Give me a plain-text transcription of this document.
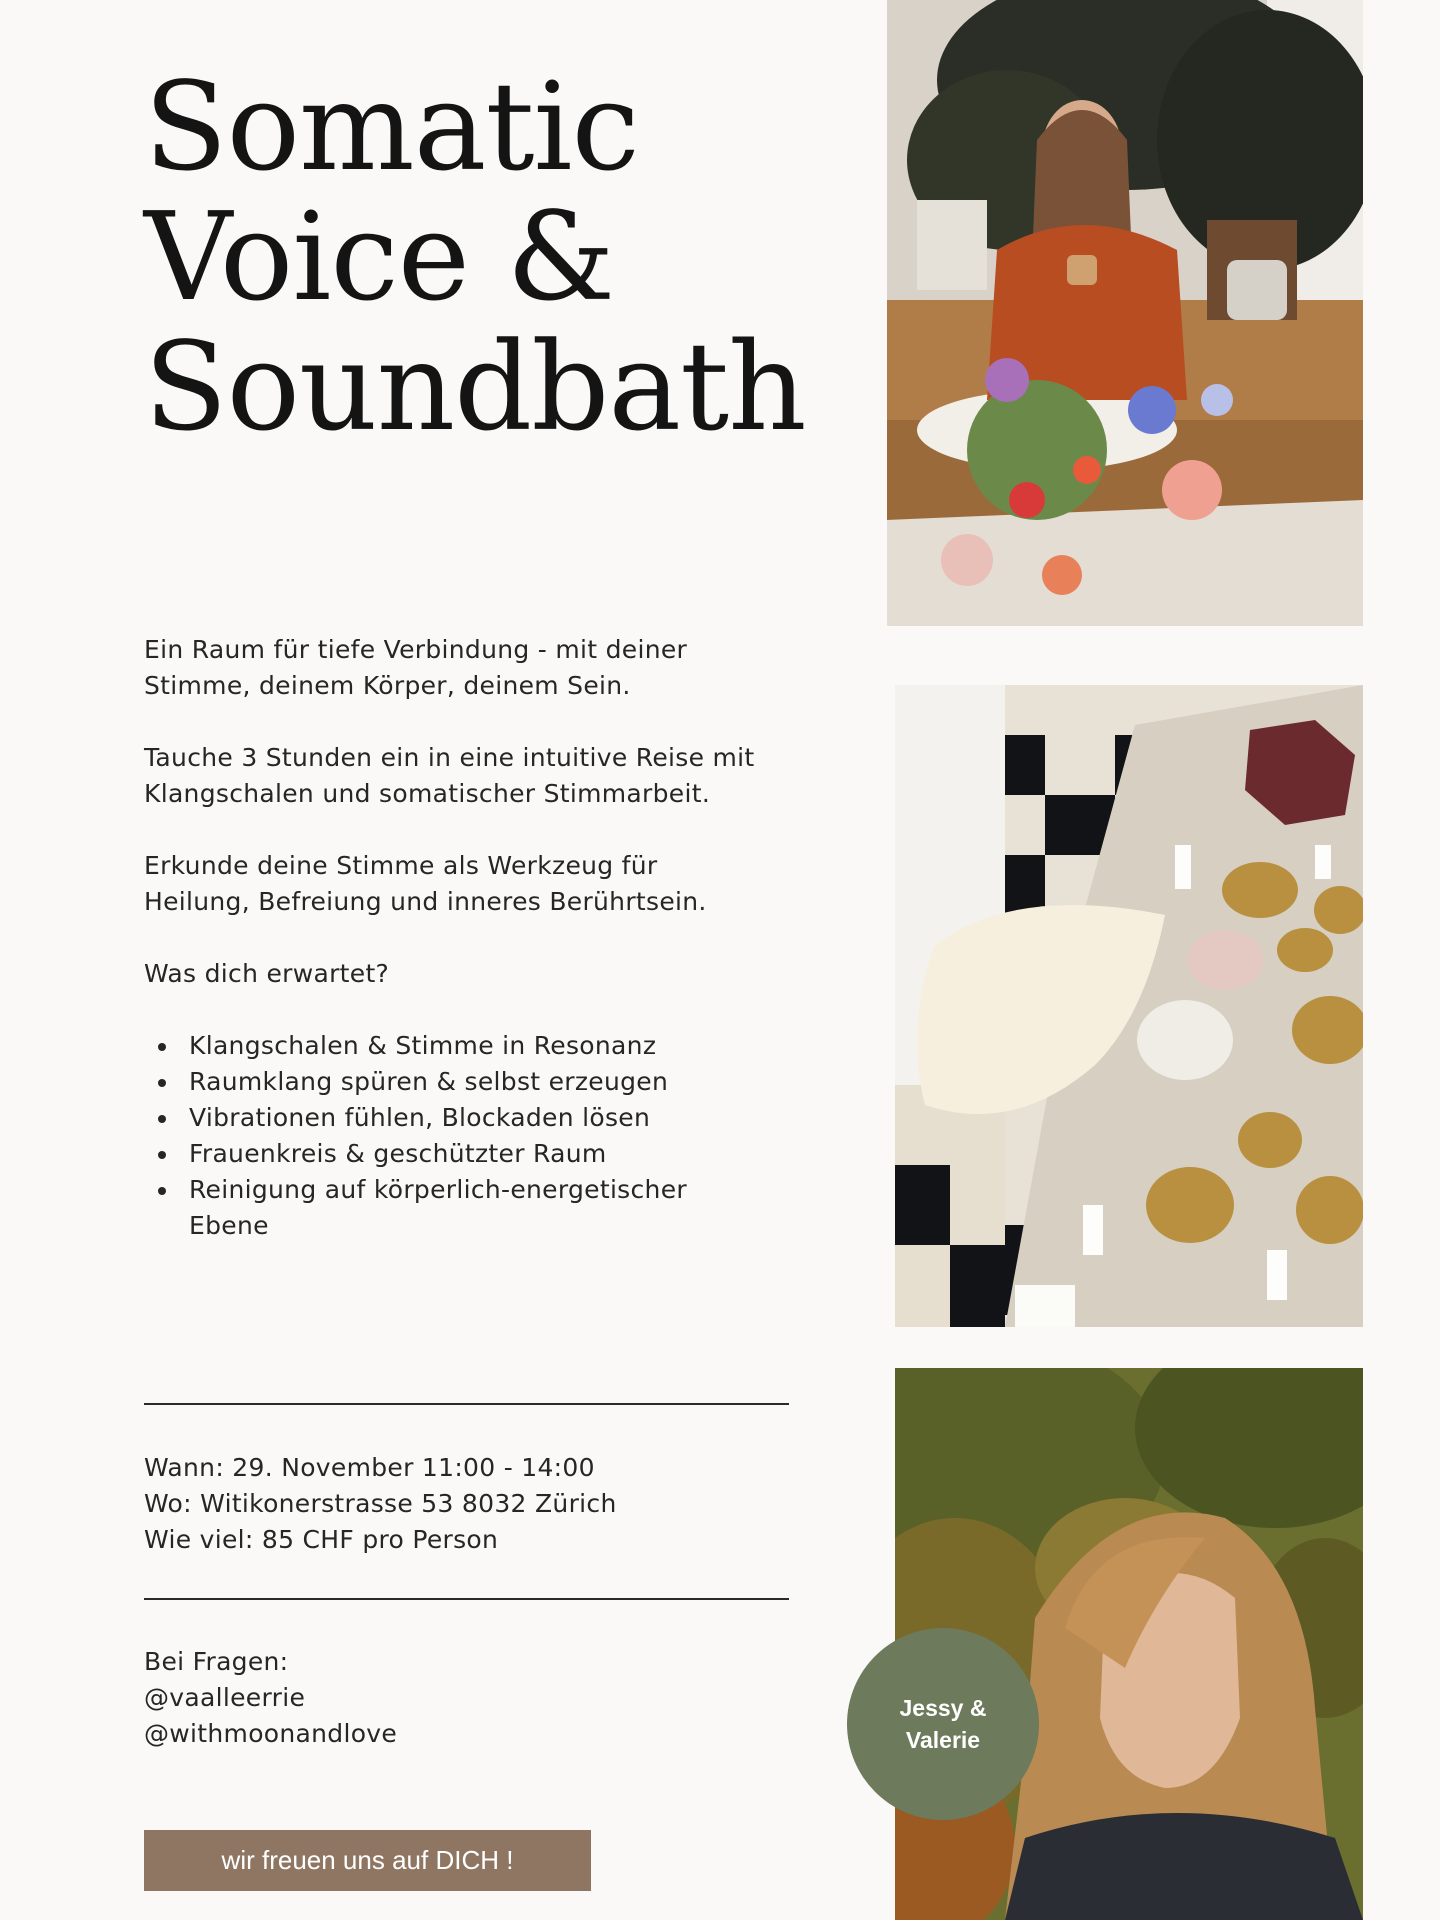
Somatic
Voice &
Soundbath

Ein Raum für tiefe Verbindung - mit deiner
Stimme, deinem Körper, deinem Sein.

Tauche 3 Stunden ein in eine intuitive Reise mit
Klangschalen und somatischer Stimmarbeit.

Erkunde deine Stimme als Werkzeug für
Heilung, Befreiung und inneres Berührtsein.

Was dich erwartet?

Klangschalen & Stimme in Resonanz
Raumklang spüren & selbst erzeugen
Vibrationen fühlen, Blockaden lösen
Frauenkreis & geschützter Raum
Reinigung auf körperlich-energetischer Ebene
Wann: 29. November 11:00 - 14:00
Wo: Witikonerstrasse 53 8032 Zürich
Wie viel: 85 CHF pro Person
Bei Fragen:
@vaalleerrie
@withmoonandlove
wir freuen uns auf DICH !
Jessy &
Valerie
